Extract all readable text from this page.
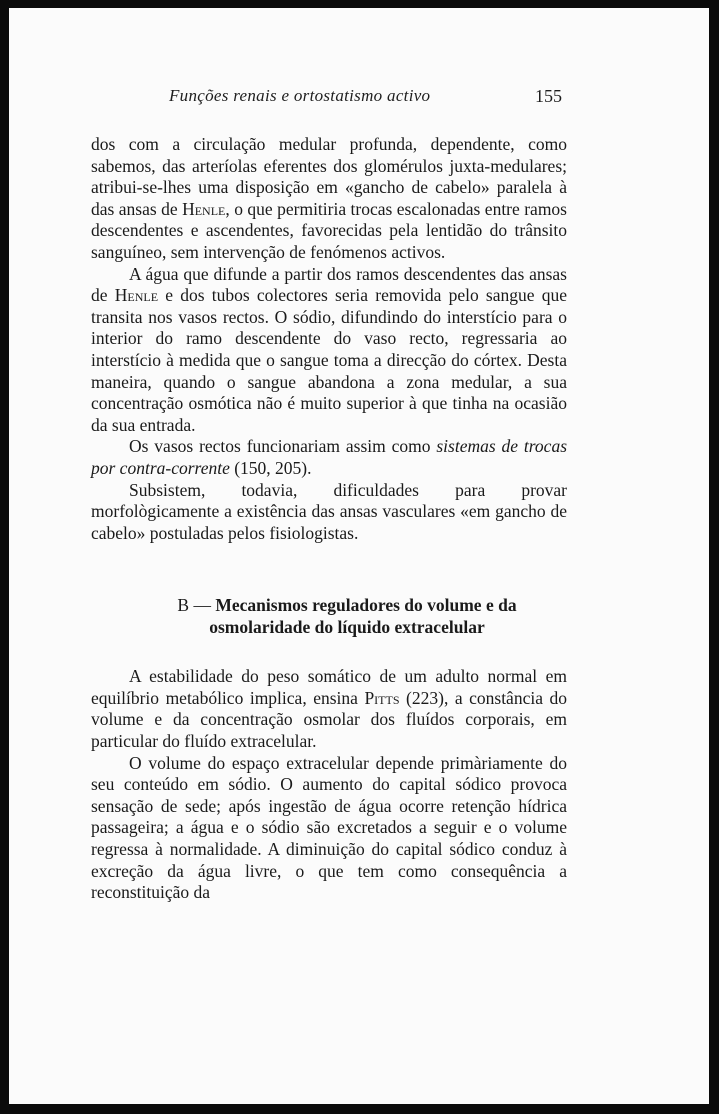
Funções renais e ortostatismo activo	155

dos com a circulação medular profunda, dependente, como sabemos, das arteríolas eferentes dos glomérulos juxta-medulares; atribui-se-lhes uma disposição em «gancho de cabelo» paralela à das ansas de Henle, o que permitiria trocas escalonadas entre ramos descendentes e ascendentes, favorecidas pela lentidão do trânsito sanguíneo, sem intervenção de fenómenos activos.

A água que difunde a partir dos ramos descendentes das ansas de Henle e dos tubos colectores seria removida pelo sangue que transita nos vasos rectos. O sódio, difundindo do interstício para o interior do ramo descendente do vaso recto, regressaria ao interstício à medida que o sangue toma a direcção do córtex. Desta maneira, quando o sangue abandona a zona medular, a sua concentração osmótica não é muito superior à que tinha na ocasião da sua entrada.

Os vasos rectos funcionariam assim como sistemas de trocas por contra-corrente (150, 205).

Subsistem, todavia, dificuldades para provar morfològicamente a existência das ansas vasculares «em gancho de cabelo» postuladas pelos fisiologistas.

B — Mecanismos reguladores do volume e da
osmolaridade do líquido extracelular

A estabilidade do peso somático de um adulto normal em equilíbrio metabólico implica, ensina Pitts (223), a constância do volume e da concentração osmolar dos fluídos corporais, em particular do fluído extracelular.

O volume do espaço extracelular depende primàriamente do seu conteúdo em sódio. O aumento do capital sódico provoca sensação de sede; após ingestão de água ocorre retenção hídrica passageira; a água e o sódio são excretados a seguir e o volume regressa à normalidade. A diminuição do capital sódico conduz à excreção da água livre, o que tem como consequência a reconstituição da
